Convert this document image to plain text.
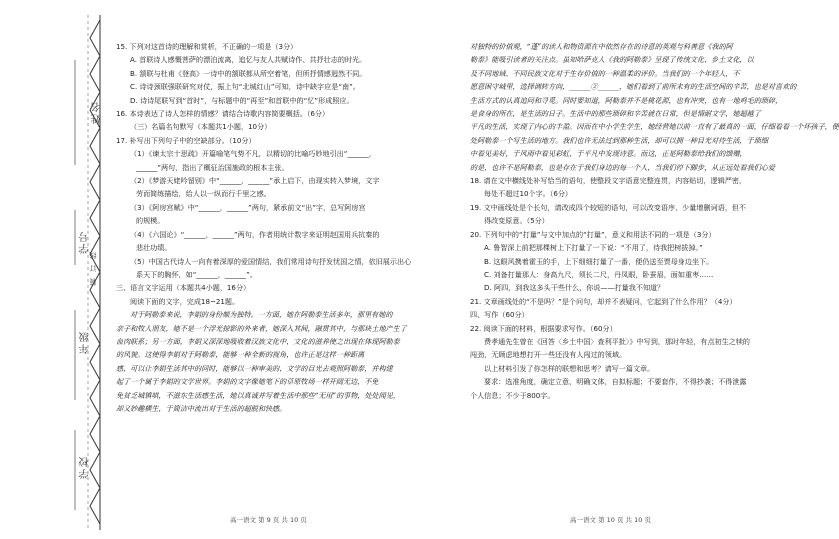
姓名
学号
装 订 线
年级
学校

15. 下列对这首诗的理解和赏析，不正确的一项是（3分）

A. 首联诗人感慨菩萨的漂泊流离，追忆与友人共赋诗作、共抒壮志的时光。

B. 颔联与杜甫《登高》一诗中的颔联都从所空着笔，但所抒情感迥然不同。

C. 诗诗颈联强联研究对仗，振上句“北城红山”可知，诗中缺字应是“南”。

D. 诗诗尾联写到“首时”，与标题中的“再至”和首联中的“忆”形成照应。

16. 本诗表达了诗人怎样的情感？请结合诗歌内容简要概括。（6分）

（三）名篇名句默写（本题共1小题，10分）

17. 补写出下列句子中的空缺部分。（10分）

（1）《谏太宗十思疏》开篇喻笔气势不凡，以精切的比喻巧妙地引出“______，

______”两句，指出了概征治国施政的根本主张。

（2）《梦游天姥吟留别》中“______，______”承上启下，由现实转入梦境，文字

劳而简练描绘，给人以一纵而行千里之感。

（3）《阿房宫赋》中“______，______”两句，紧承前文“出”字，总写阿房宫

的规模。

（4）《六国论》“______，______”两句，作者用统计数字来证明赵国用兵抗秦的

悲壮功绩。

（5）中国古代诗人一向有着深厚的爱国情结，我们常用诗句抒发忧国之情，依旧展示出心

系天下的胸怀，如“______，______”。

三、语言文字运用（本题共4小题，16分）

阅读下面的文字，完成18~21题。

对于阿勒泰来说，李娟的身份颇为独特。一方面，她在阿勒泰生活多年，那里有她的

亲子和牧人朋友，她不是一个浮光掠影的外来者，她深入其间，融贯其中，与那块土地产生了

血肉联系；另一方面，李娟又深深地吸收着汉族文化中，文化的滋养使之出现在体现阿勒泰

的风貌。这使得李娟对于阿勒泰，能够一种全新的视角，也许正是这样一种距离

感，可以让李娟生活其中的同时，能够以一种审美的、文学的目光去观照阿勒泰，并构建

起了一个属于李娟的文学世界。李娟的文字像她笔下的草原牧场一样开阔无边，不免

免贫乏城镇哄，不滋东生活感生活，她以真诚并写着生活中那些“无用”的事物，处处闻见，

却又妙趣横生，于简洁中流出对于生活的超脱和快感。

高一语文 第 9 页 共 10 页

对独特的价值观，“蓬”的读人和物资源在中依然存在的诗意的英观与科善意《我的阿

勒泰》能吸引读者的关注点。虽知哈萨克人《我的阿勒泰》呈现了传统文化、乡土文化，以

及不同地域、不同民族文化对于生存价值的一种温柔的评价。当我们的一个年轻人，不

愿意困守城里，选择调转方向，______②______，她们看到了前所未有的生活空间的辛苦，也是对喜欢的

生活方式的认真追问和寻觅。同时要知道，阿勒泰并不是桃花源，也有冲突，也有一地鸡毛的琐碎，

是食身的所在，是生活的日子。生活中的那些琐碎和辛苦就在日常，但是情耐文学，她超越了

平凡的生活，实现了内心的丰盈。因而在中小学生学生，她经营她以前一直有了最真的一面，仔细看看一个坏孩子，便

处阿勒泰一个写生活的地方。我们也许无法过到那种生活，却可以拥一种目光对待生活，于琐细

中看见美好，于风雨中看见彩虹，于平凡中发现诗意。而这，正是阿勒泰给我们的馈赠，

的是，也许不是阿勒泰，也是存在于我们身边的每一个人，当我们停下脚步，从正远处看我们心爱

18. 请在文中横线处补写恰当的语句，使整段文字语意完整连贯，内容贴切，逻辑严密，

每处不超过10个字。（6分）

19. 文中画线处是个长句，请改成四个较短的语句，可以改变语序、少量增删词语，但不

得改变原意。（5分）

20. 下列句中的“打量”与文中加点的“打量”，意义和用法不同的一项是（3分）

A. 鲁智深上前把那棵树上下打量了一下说：“不用了，待我把树拔掉。”

B. 这眼风携着霍玉的手，上下细细打量了一番，便仍送至贾母身边坐下。

C. 刘备打量那人：身高九尺，须长二尺，丹凤眼，卧蚕眉，面如重枣……

D. 阿四，到我这多头干些什么，你说——打量我不知道？

21. 文章画线处的“不是吗？”是个问句，却并不表疑问，它起到了什么作用？（4分）

四、写作（60分）

22. 阅读下面的材料，根据要求写作。（60分）

费孝通先生曾在《回答〈乡土中国〉查利平批〉》中写到，那时年轻，有点初生之犊的

闯劲，无顾虑地想打开一些还没有人闯过的领域。

以上材料引发了你怎样的联想和思考？请写一篇文章。

要求：选准角度，确定立意，明确文体，自拟标题；不要套作，不得抄袭；不得泄露

个人信息；不少于800字。

高一语文 第 10 页 共 10 页
